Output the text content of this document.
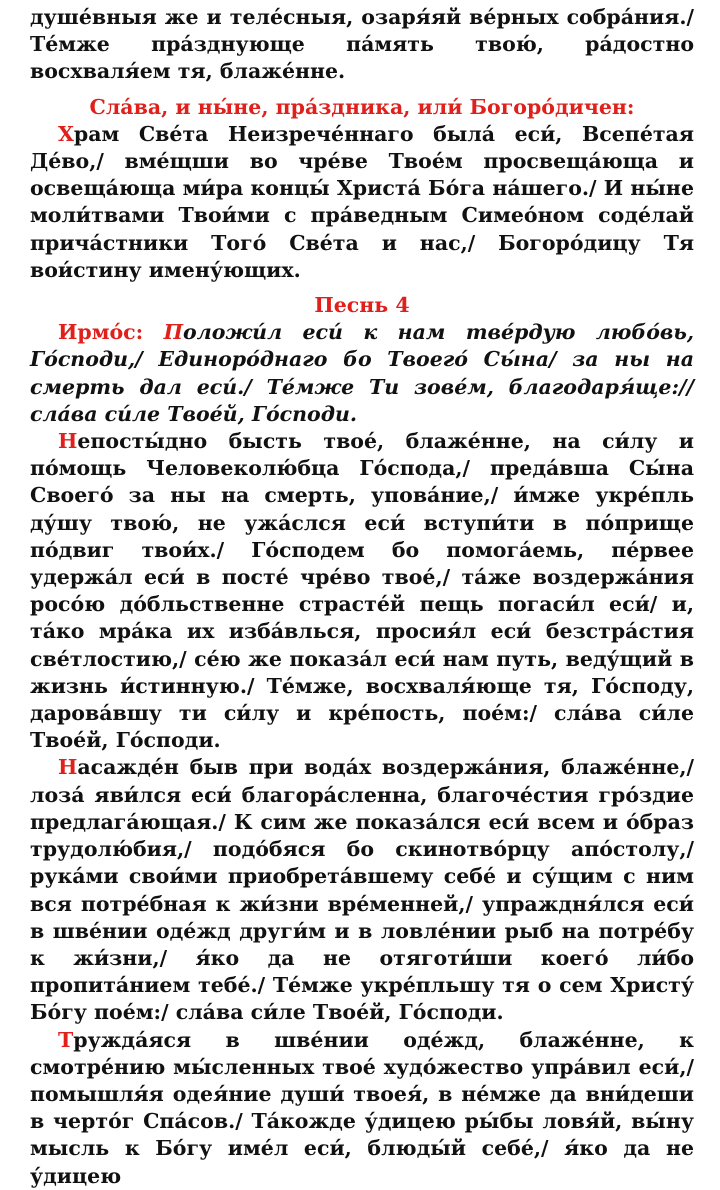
душе́вныя же и теле́сныя, озаря́яй ве́рных собра́ния./ Те́мже пра́зднующе па́мять твою́, ра́достно восхваля́ем тя, блаже́нне.

Сла́ва, и ны́не, пра́здника, или́ Богоро́дичен:

Храм Све́та Неизрече́ннаго была́ еси́, Всепе́тая Де́во,/ вме́щши во чре́ве Твое́м просвеща́юща и освеща́юща ми́ра концы́ Христа́ Бо́га на́шего./ И ны́не моли́твами Твои́ми с пра́ведным Симео́ном соде́лай прича́стники Того́ Све́та и нас,/ Богоро́дицу Тя вои́стину имену́ющих.

Песнь 4

Ирмо́с: Положи́л еси́ к нам тве́рдую любо́вь, Го́споди,/ Единоро́днаго бо Твоего́ Сы́на/ за ны на смерть дал еси́./ Те́мже Ти зове́м, благодаря́ще:// сла́ва си́ле Твое́й, Го́споди.

Непосты́дно бысть твое́, блаже́нне, на си́лу и по́мощь Человеколю́бца Го́спода,/ преда́вша Сы́на Своего́ за ны на смерть, упова́ние,/ и́мже укре́пль ду́шу твою́, не ужа́слся еси́ вступи́ти в по́прище по́двиг твои́х./ Го́сподем бо помога́емь, пе́рвее удержа́л еси́ в посте́ чре́во твое́,/ та́же воздержа́ния росо́ю до́бльственне страсте́й пещь погаси́л еси́/ и, та́ко мра́ка их изба́влься, просия́л еси́ безстра́стия све́тлостию,/ се́ю же показа́л еси́ нам путь, веду́щий в жизнь и́стинную./ Те́мже, восхваля́юще тя, Го́споду, дарова́вшу ти си́лу и кре́пость, пое́м:/ сла́ва си́ле Твое́й, Го́споди.

Насажде́н быв при вода́х воздержа́ния, блаже́нне,/ лоза́ яви́лся еси́ благора́сленна, благоче́стия гро́здие предлага́ющая./ К сим же показа́лся еси́ всем и о́браз трудолю́бия,/ подо́бяся бо скинотво́рцу апо́столу,/ рука́ми свои́ми приобрета́вшему себе́ и су́щим с ним вся потре́бная к жи́зни вре́менней,/ упраждня́лся еси́ в шве́нии оде́жд други́м и в ловле́нии рыб на потре́бу к жи́зни,/ я́ко да не отяготи́ши коего́ ли́бо пропита́нием тебе́./ Те́мже укре́пльшу тя о сем Христу́ Бо́гу пое́м:/ сла́ва си́ле Твое́й, Го́споди.

Тружда́яся в шве́нии оде́жд, блаже́нне, к смотре́нию мы́сленных твое́ худо́жество упра́вил еси́,/ помышля́я одея́ние души́ твоея́, в не́мже да вни́деши в черто́г Спа́сов./ Та́кожде у́дицею ры́бы ловя́й, вы́ну мысль к Бо́гу име́л еси́, блюды́й себе́,/ я́ко да не у́дицею
